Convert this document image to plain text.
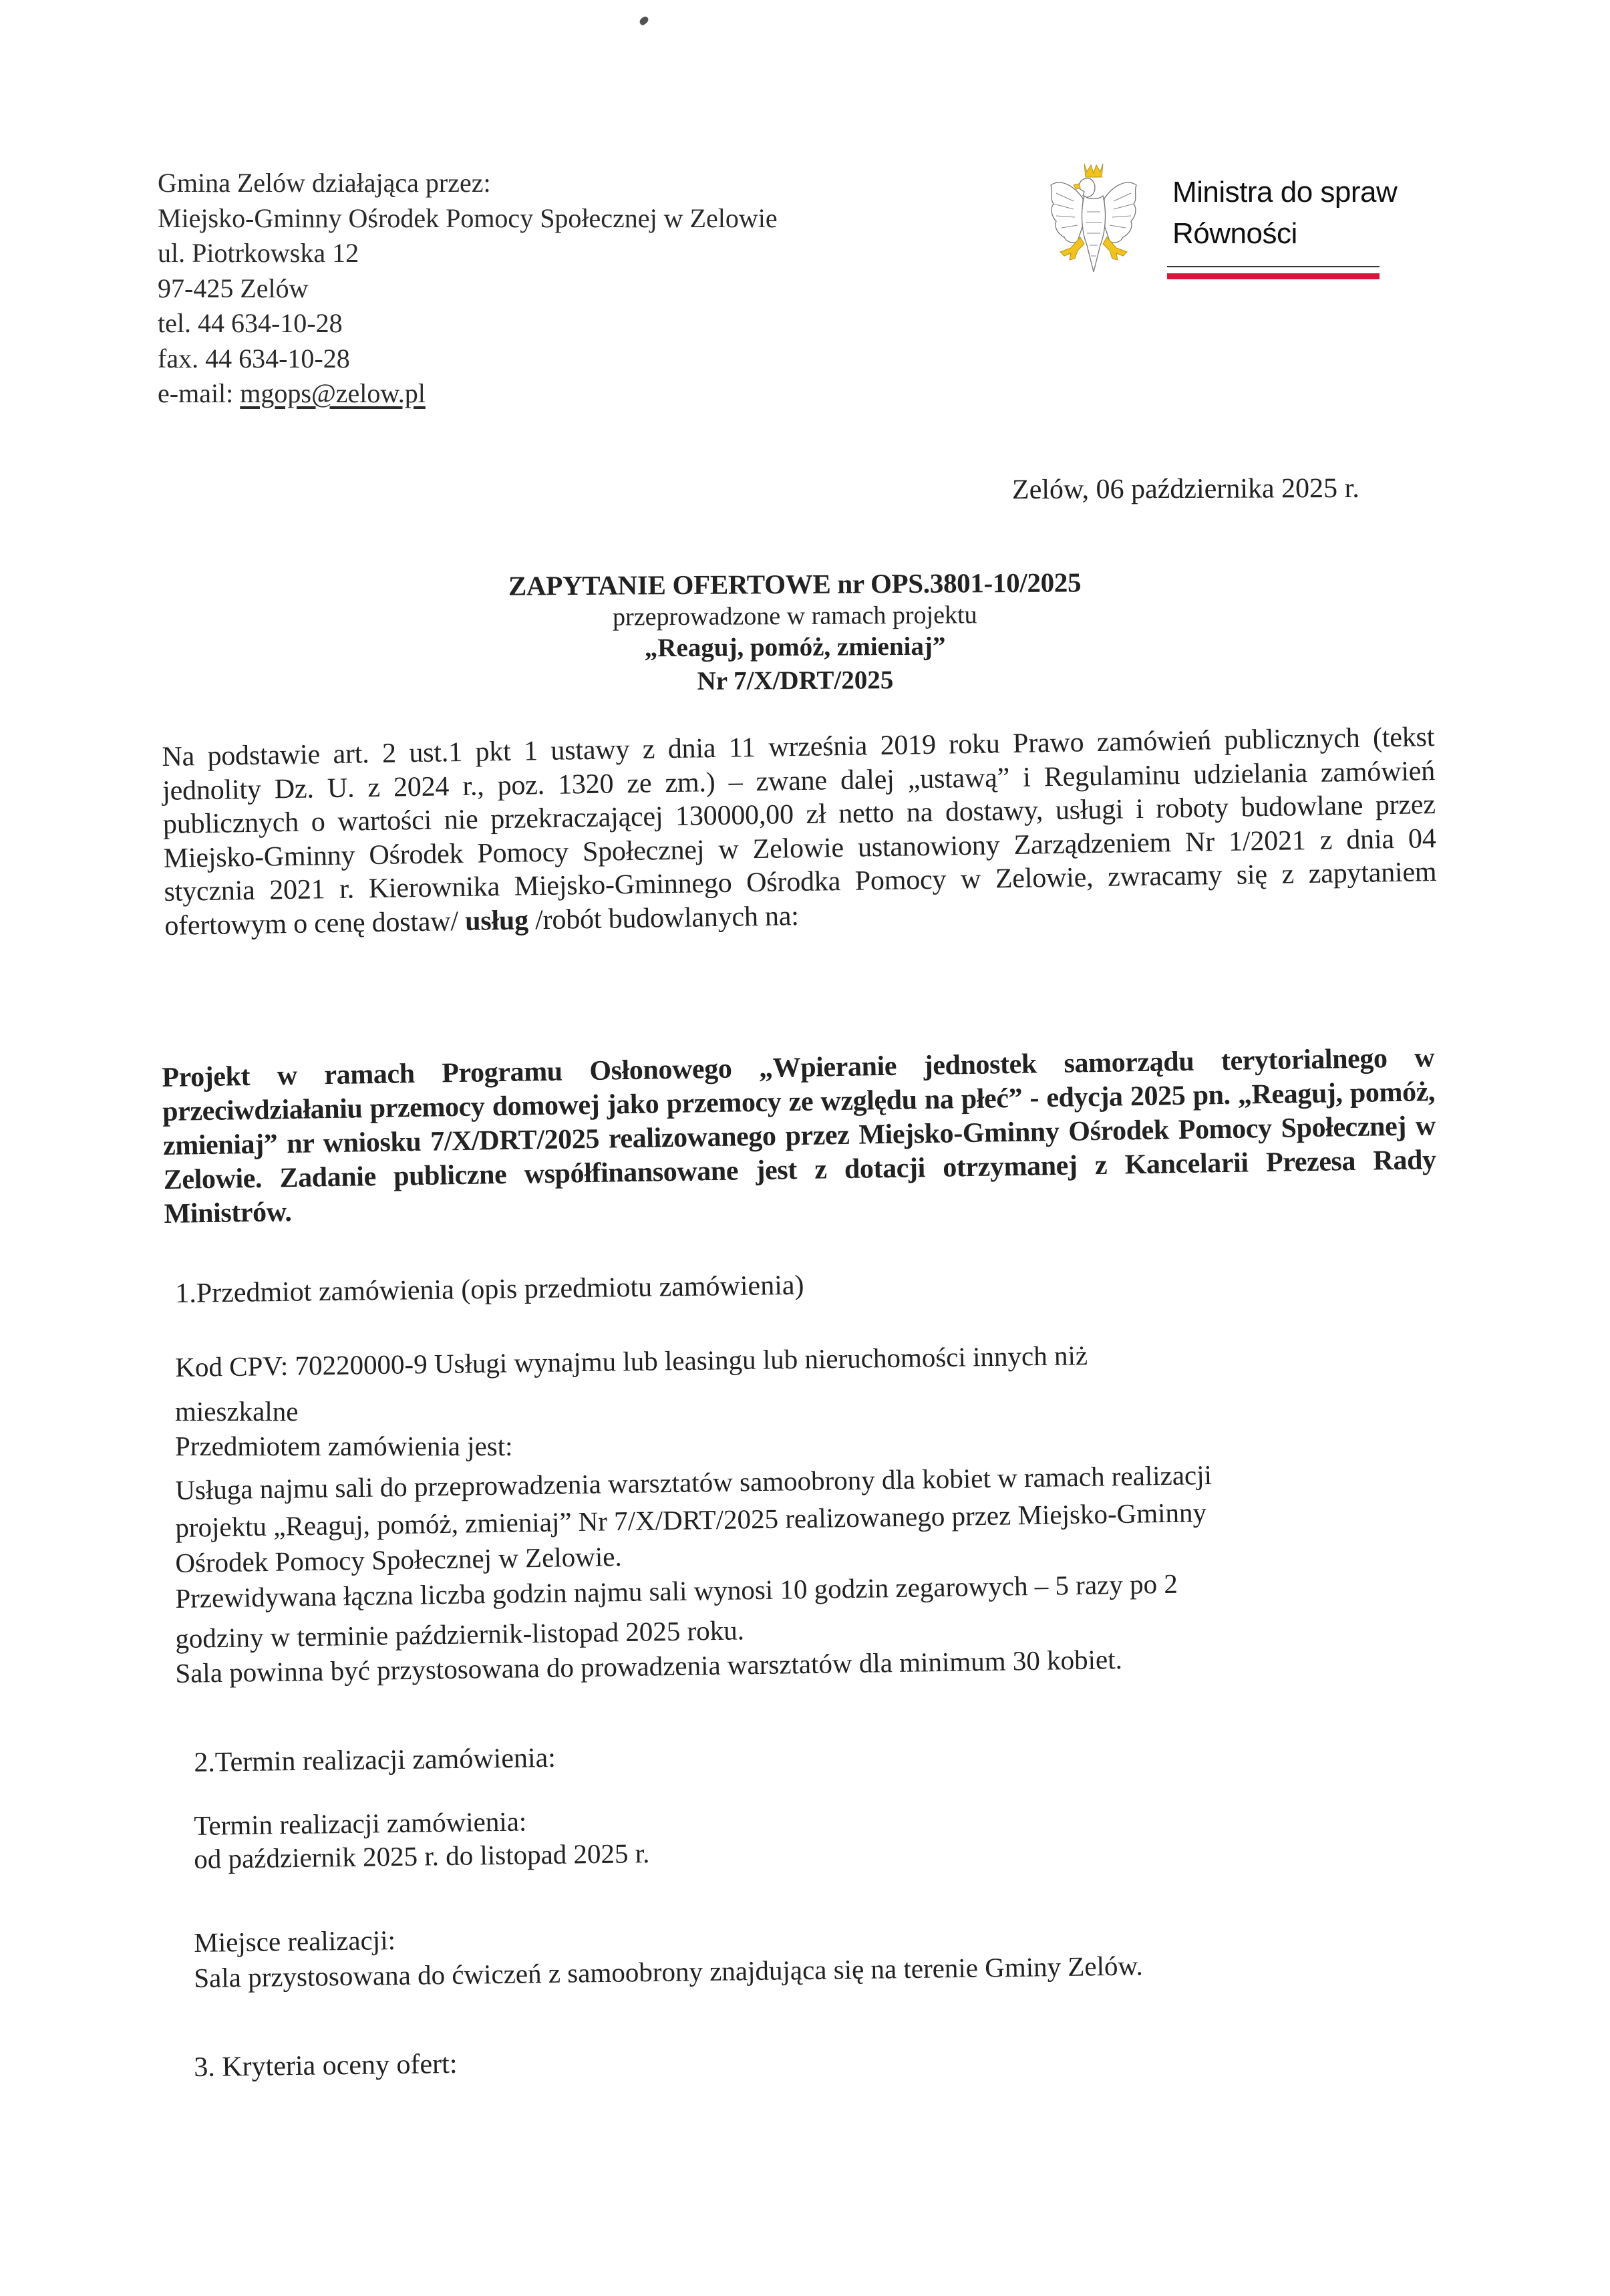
Gmina Zelów działająca przez:
Miejsko-Gminny Ośrodek Pomocy Społecznej w Zelowie
ul. Piotrkowska 12
97-425 Zelów
tel. 44 634-10-28
fax. 44 634-10-28
e-mail: mgops@zelow.pl
Ministra do spraw
Równości
Zelów, 06 października 2025 r.
ZAPYTANIE OFERTOWE nr OPS.3801-10/2025
przeprowadzone w ramach projektu
„Reaguj, pomóż, zmieniaj”
Nr 7/X/DRT/2025
Na podstawie art. 2 ust.1 pkt 1 ustawy z dnia 11 września 2019 roku Prawo zamówień publicznych (tekst jednolity Dz. U. z 2024 r., poz. 1320 ze zm.) – zwane dalej „ustawą” i Regulaminu udzielania zamówień publicznych o wartości nie przekraczającej 130000,00 zł netto na dostawy, usługi i roboty budowlane przez Miejsko-Gminny Ośrodek Pomocy Społecznej w Zelowie ustanowiony Zarządzeniem Nr 1/2021 z dnia 04 stycznia 2021 r. Kierownika Miejsko-Gminnego Ośrodka Pomocy w Zelowie, zwracamy się z zapytaniem ofertowym o cenę dostaw/ usług /robót budowlanych na:
Projekt w ramach Programu Osłonowego „Wpieranie jednostek samorządu terytorialnego w przeciwdziałaniu przemocy domowej jako przemocy ze względu na płeć” - edycja 2025 pn. „Reaguj, pomóż, zmieniaj” nr wniosku 7/X/DRT/2025 realizowanego przez Miejsko-Gminny Ośrodek Pomocy Społecznej w Zelowie. Zadanie publiczne współfinansowane jest z dotacji otrzymanej z Kancelarii Prezesa Rady Ministrów.
1.Przedmiot zamówienia (opis przedmiotu zamówienia)
Kod CPV: 70220000-9 Usługi wynajmu lub leasingu lub nieruchomości innych niż
mieszkalne
Przedmiotem zamówienia jest:
Usługa najmu sali do przeprowadzenia warsztatów samoobrony dla kobiet w ramach realizacji
projektu „Reaguj, pomóż, zmieniaj” Nr 7/X/DRT/2025 realizowanego przez Miejsko-Gminny
Ośrodek Pomocy Społecznej w Zelowie.
Przewidywana łączna liczba godzin najmu sali wynosi 10 godzin zegarowych – 5 razy po 2
godziny w terminie październik-listopad 2025 roku.
Sala powinna być przystosowana do prowadzenia warsztatów dla minimum 30 kobiet.
2.Termin realizacji zamówienia:
Termin realizacji zamówienia:
od październik 2025 r. do listopad 2025 r.
Miejsce realizacji:
Sala przystosowana do ćwiczeń z samoobrony znajdująca się na terenie Gminy Zelów.
3. Kryteria oceny ofert:
